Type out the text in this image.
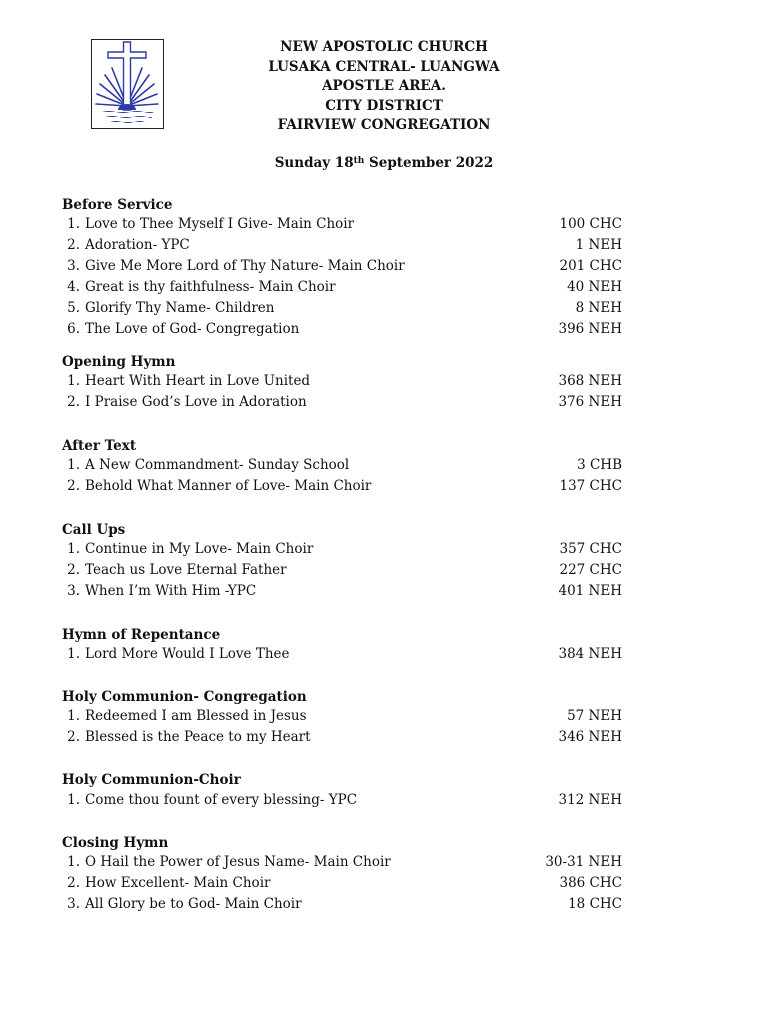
NEW APOSTOLIC CHURCH
LUSAKA CENTRAL- LUANGWA
APOSTLE AREA.
CITY DISTRICT
FAIRVIEW CONGREGATION
Sunday 18th September 2022
Before Service
1. Love to Thee Myself I Give- Main Choir	100 CHC
2. Adoration- YPC	1 NEH
3. Give Me More Lord of Thy Nature- Main Choir	201 CHC
4. Great is thy faithfulness- Main Choir	40 NEH
5. Glorify Thy Name- Children	8 NEH
6. The Love of God- Congregation	396 NEH
Opening Hymn
1. Heart With Heart in Love United	368 NEH
2. I Praise God’s Love in Adoration	376 NEH
After Text
1. A New Commandment- Sunday School	3 CHB
2. Behold What Manner of Love- Main Choir	137 CHC
Call Ups
1. Continue in My Love- Main Choir	357 CHC
2. Teach us Love Eternal Father	227 CHC
3. When I’m With Him -YPC	401 NEH
Hymn of Repentance
1. Lord More Would I Love Thee	384 NEH
Holy Communion- Congregation
1. Redeemed I am Blessed in Jesus	57 NEH
2. Blessed is the Peace to my Heart	346 NEH
Holy Communion-Choir
1. Come thou fount of every blessing- YPC	312 NEH
Closing Hymn
1. O Hail the Power of Jesus Name- Main Choir	30-31 NEH
2. How Excellent- Main Choir	386 CHC
3. All Glory be to God- Main Choir	18 CHC
